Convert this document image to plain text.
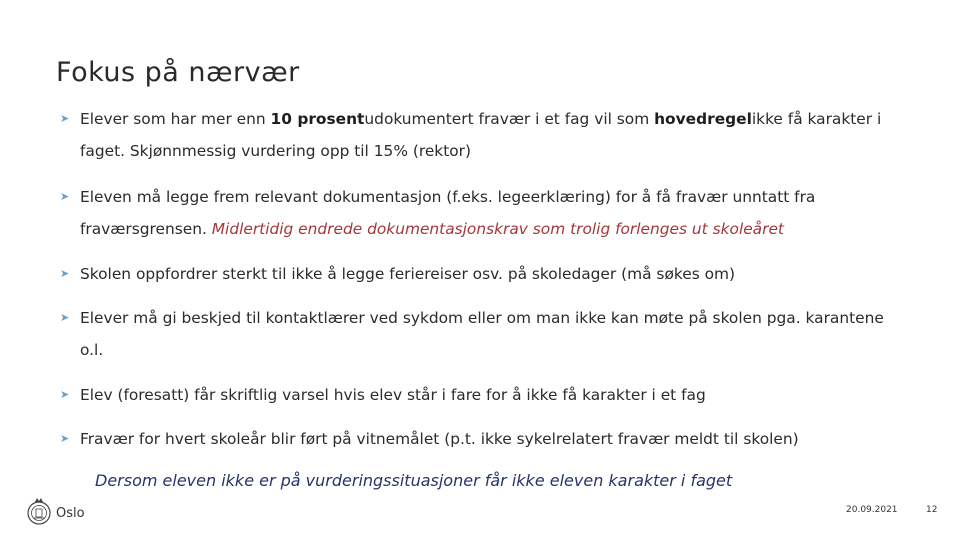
Fokus på nærvær
➤ Elever som har mer enn 10 prosentudokumentert fravær i et fag vil som hovedregelikke få karakter i faget. Skjønnmessig vurdering opp til 15% (rektor)
➤ Eleven må legge frem relevant dokumentasjon (f.eks. legeerklæring) for å få fravær unntatt fra fraværsgrensen. Midlertidig endrede dokumentasjonskrav som trolig forlenges ut skoleåret
➤ Skolen oppfordrer sterkt til ikke å legge feriereiser osv. på skoledager (må søkes om)
➤ Elever må gi beskjed til kontaktlærer ved sykdom eller om man ikke kan møte på skolen pga. karantene o.l.
➤ Elev (foresatt) får skriftlig varsel hvis elev står i fare for å ikke få karakter i et fag
➤ Fravær for hvert skoleår blir ført på vitnemålet (p.t. ikke sykelrelatert fravær meldt til skolen)
Dersom eleven ikke er på vurderingssituasjoner får ikke eleven karakter i faget
Oslo	20.09.2021	12
